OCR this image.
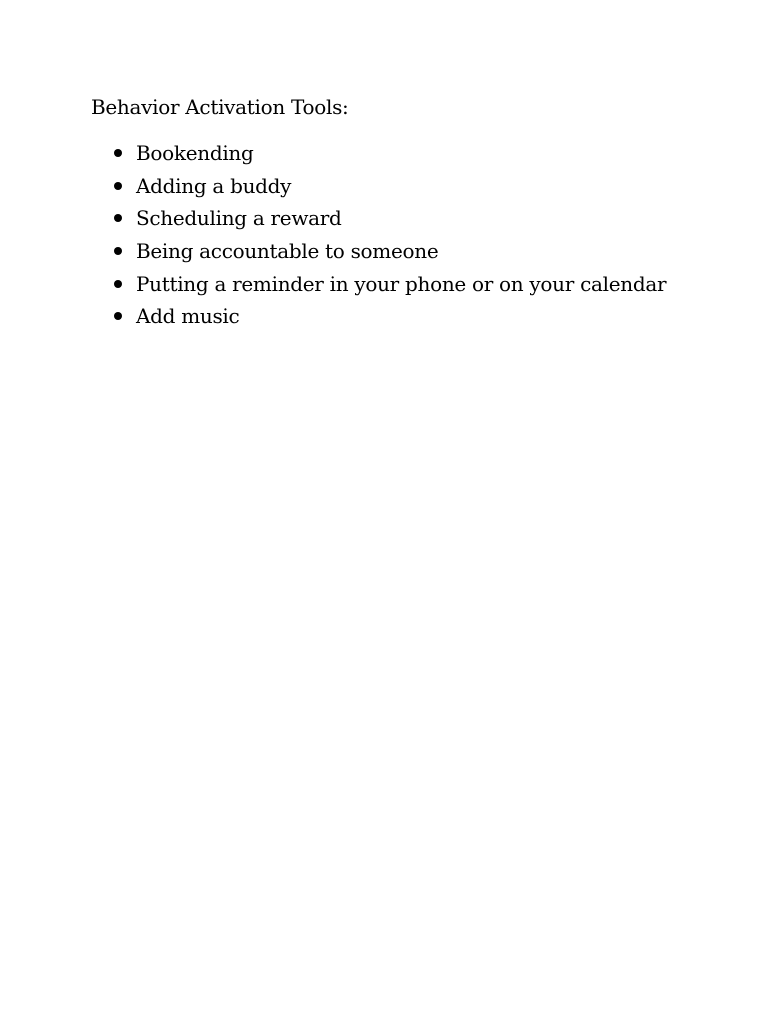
Behavior Activation Tools:

Bookending
Adding a buddy
Scheduling a reward
Being accountable to someone
Putting a reminder in your phone or on your calendar
Add music
